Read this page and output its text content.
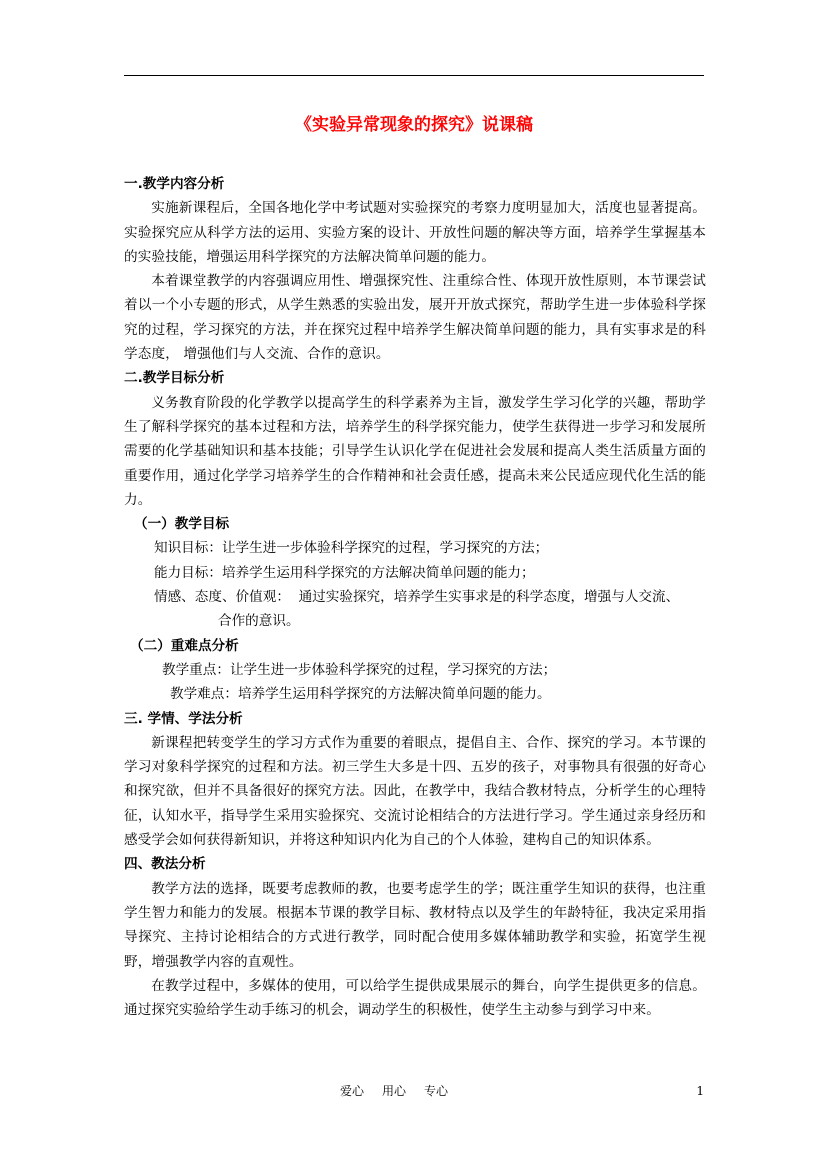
《实验异常现象的探究》说课稿

一.教学内容分析

实施新课程后，全国各地化学中考试题对实验探究的考察力度明显加大，活度也显著提高。实验探究应从科学方法的运用、实验方案的设计、开放性问题的解决等方面，培养学生掌握基本的实验技能，增强运用科学探究的方法解决简单问题的能力。

本着课堂教学的内容强调应用性、增强探究性、注重综合性、体现开放性原则，本节课尝试着以一个小专题的形式，从学生熟悉的实验出发，展开开放式探究，帮助学生进一步体验科学探究的过程，学习探究的方法，并在探究过程中培养学生解决简单问题的能力，具有实事求是的科学态度， 增强他们与人交流、合作的意识。

二.教学目标分析

义务教育阶段的化学教学以提高学生的科学素养为主旨，激发学生学习化学的兴趣，帮助学生了解科学探究的基本过程和方法，培养学生的科学探究能力，使学生获得进一步学习和发展所需要的化学基础知识和基本技能；引导学生认识化学在促进社会发展和提高人类生活质量方面的重要作用，通过化学学习培养学生的合作精神和社会责任感，提高未来公民适应现代化生活的能力。

（一）教学目标

知识目标：让学生进一步体验科学探究的过程，学习探究的方法；

能力目标：培养学生运用科学探究的方法解决简单问题的能力；

情感、态度、价值观：  通过实验探究，培养学生实事求是的科学态度，增强与人交流、

合作的意识。

（二）重难点分析

教学重点：让学生进一步体验科学探究的过程，学习探究的方法；

教学难点：培养学生运用科学探究的方法解决简单问题的能力。

三. 学情、学法分析

新课程把转变学生的学习方式作为重要的着眼点，提倡自主、合作、探究的学习。本节课的学习对象科学探究的过程和方法。初三学生大多是十四、五岁的孩子，对事物具有很强的好奇心和探究欲，但并不具备很好的探究方法。因此，在教学中，我结合教材特点，分析学生的心理特征，认知水平，指导学生采用实验探究、交流讨论相结合的方法进行学习。学生通过亲身经历和感受学会如何获得新知识，并将这种知识内化为自己的个人体验，建构自己的知识体系。

四、教法分析

教学方法的选择，既要考虑教师的教，也要考虑学生的学；既注重学生知识的获得，也注重学生智力和能力的发展。根据本节课的教学目标、教材特点以及学生的年龄特征，我决定采用指导探究、主持讨论相结合的方式进行教学，同时配合使用多媒体辅助教学和实验，拓宽学生视野，增强教学内容的直观性。

在教学过程中，多媒体的使用，可以给学生提供成果展示的舞台，向学生提供更多的信息。通过探究实验给学生动手练习的机会，调动学生的积极性，使学生主动参与到学习中来。

爱心 用心 专心	1
